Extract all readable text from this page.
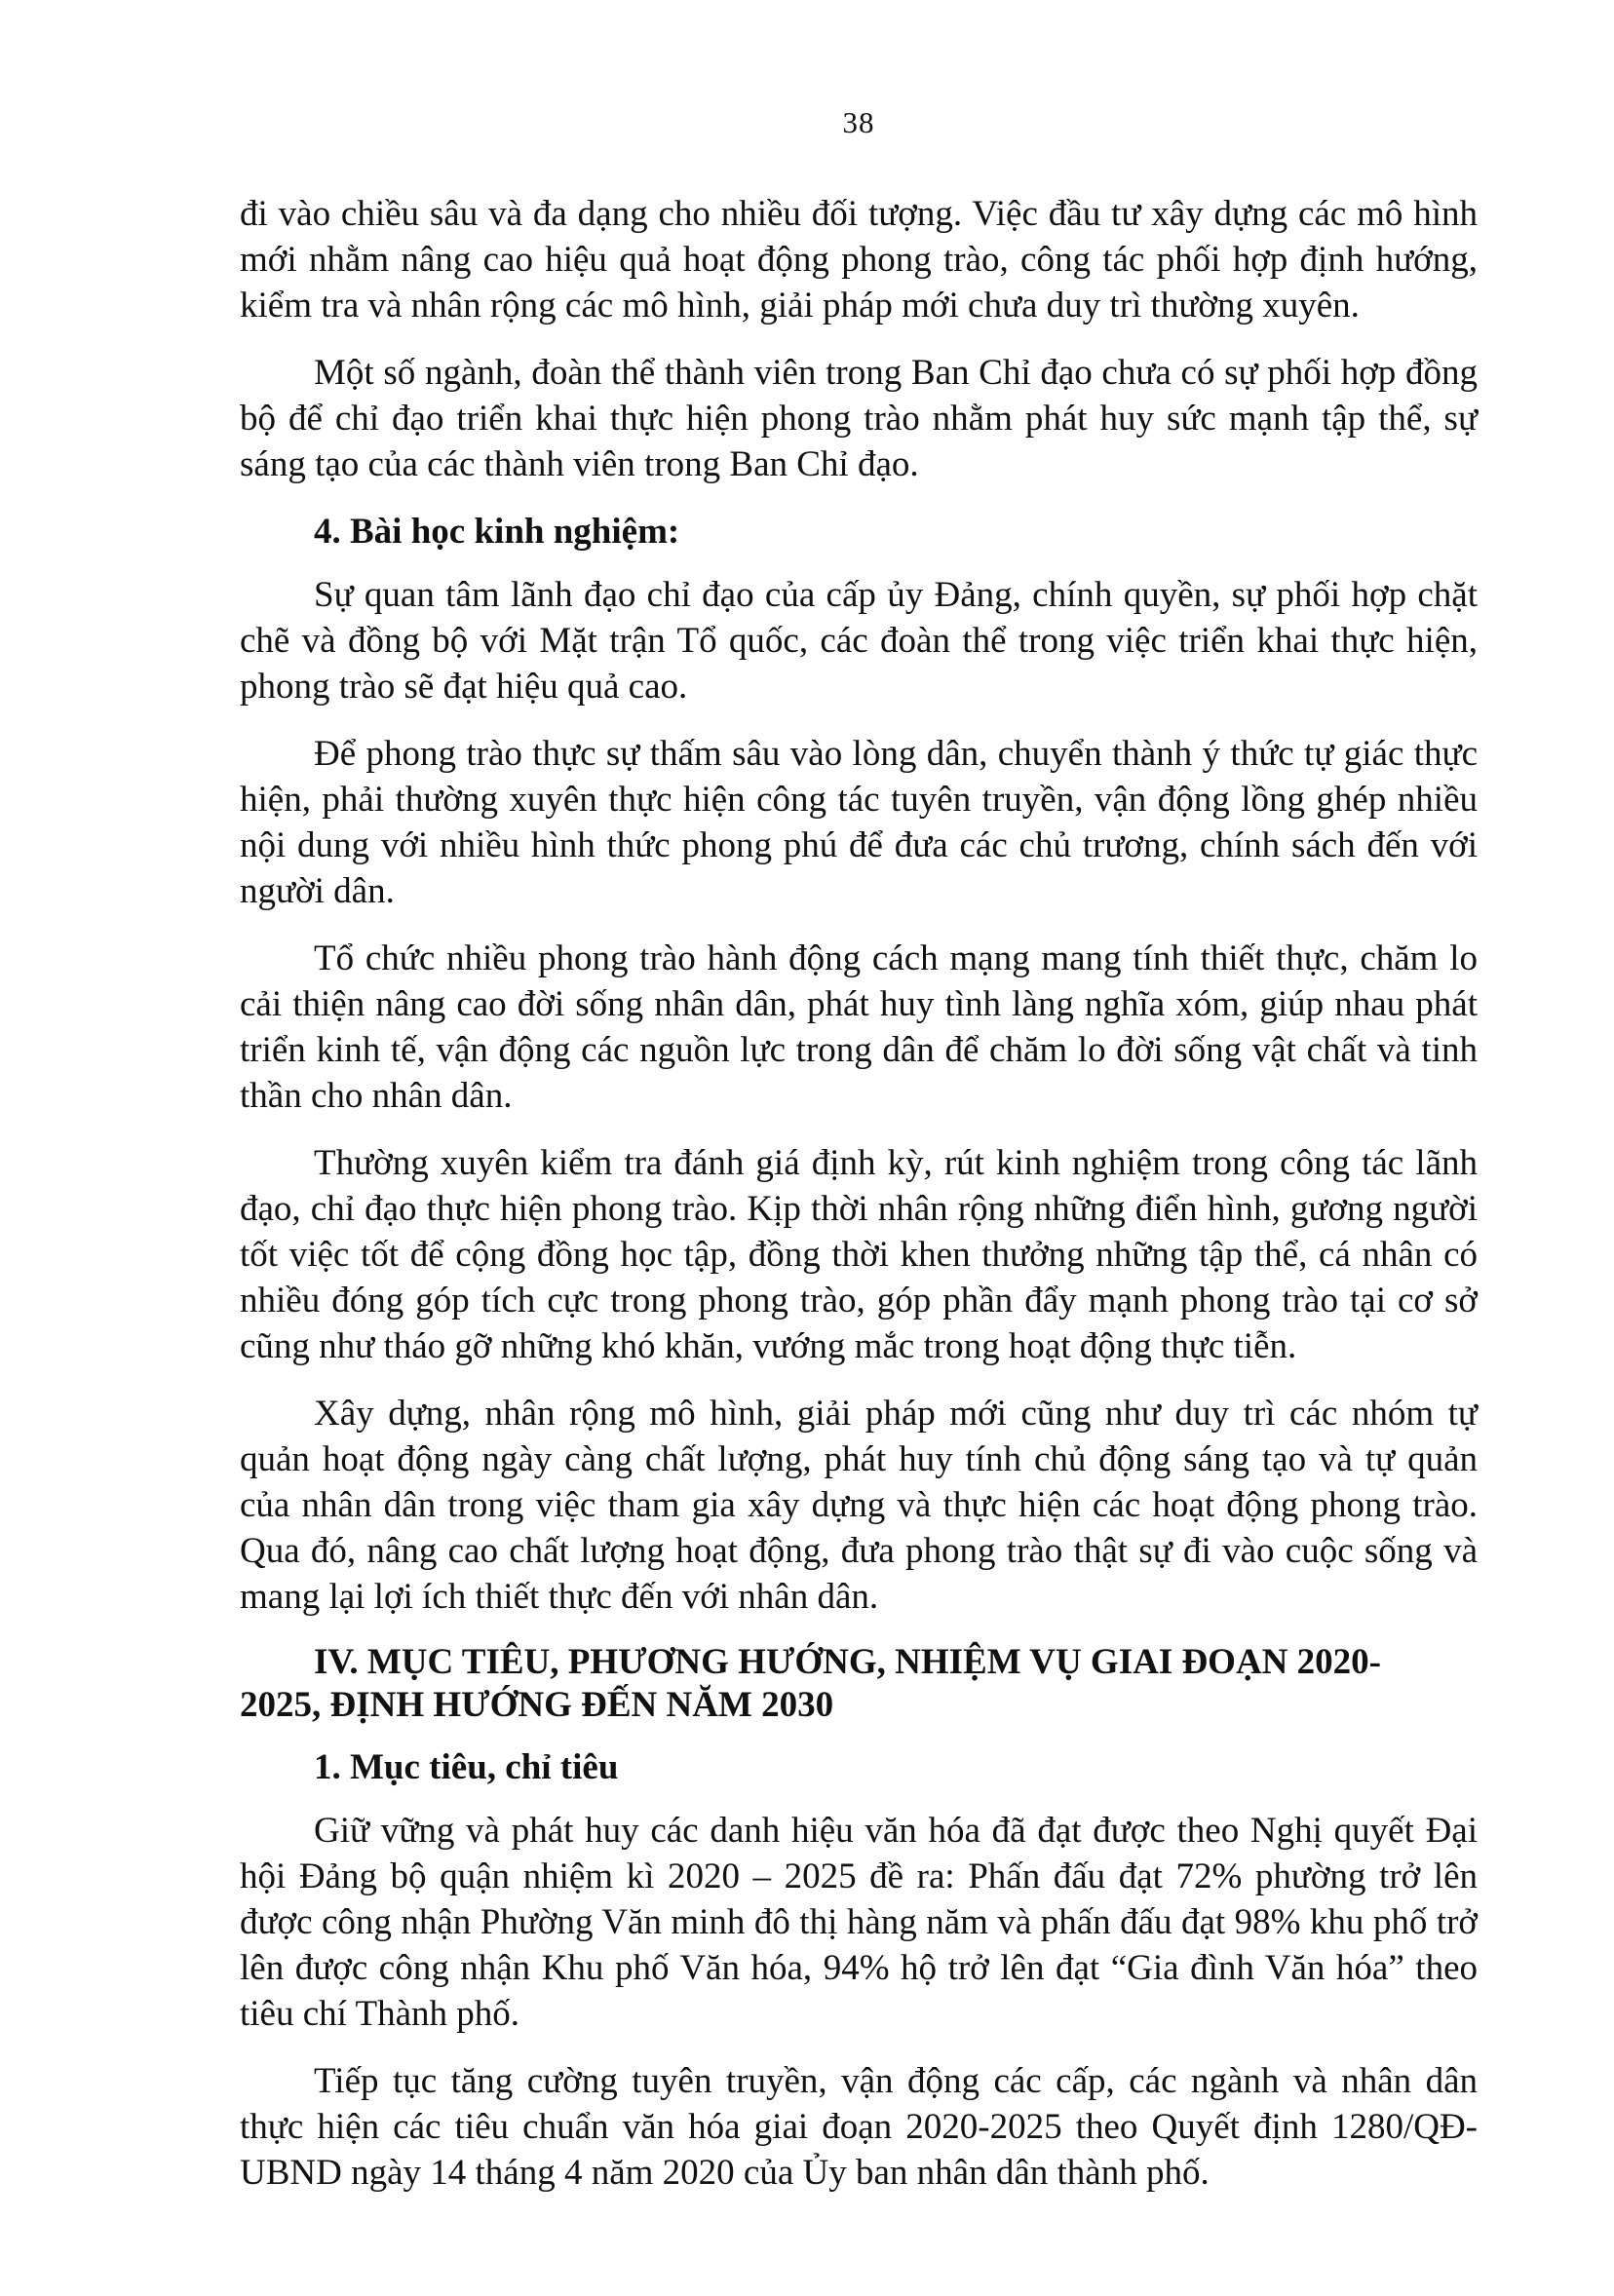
38

đi vào chiều sâu và đa dạng cho nhiều đối tượng. Việc đầu tư xây dựng các mô hình mới nhằm nâng cao hiệu quả hoạt động phong trào, công tác phối hợp định hướng, kiểm tra và nhân rộng các mô hình, giải pháp mới chưa duy trì thường xuyên.

Một số ngành, đoàn thể thành viên trong Ban Chỉ đạo chưa có sự phối hợp đồng bộ để chỉ đạo triển khai thực hiện phong trào nhằm phát huy sức mạnh tập thể, sự sáng tạo của các thành viên trong Ban Chỉ đạo.

4. Bài học kinh nghiệm:

Sự quan tâm lãnh đạo chỉ đạo của cấp ủy Đảng, chính quyền, sự phối hợp chặt chẽ và đồng bộ với Mặt trận Tổ quốc, các đoàn thể trong việc triển khai thực hiện, phong trào sẽ đạt hiệu quả cao.

Để phong trào thực sự thấm sâu vào lòng dân, chuyển thành ý thức tự giác thực hiện, phải thường xuyên thực hiện công tác tuyên truyền, vận động lồng ghép nhiều nội dung với nhiều hình thức phong phú để đưa các chủ trương, chính sách đến với người dân.

Tổ chức nhiều phong trào hành động cách mạng mang tính thiết thực, chăm lo cải thiện nâng cao đời sống nhân dân, phát huy tình làng nghĩa xóm, giúp nhau phát triển kinh tế, vận động các nguồn lực trong dân để chăm lo đời sống vật chất và tinh thần cho nhân dân.

Thường xuyên kiểm tra đánh giá định kỳ, rút kinh nghiệm trong công tác lãnh đạo, chỉ đạo thực hiện phong trào. Kịp thời nhân rộng những điển hình, gương người tốt việc tốt để cộng đồng học tập, đồng thời khen thưởng những tập thể, cá nhân có nhiều đóng góp tích cực trong phong trào, góp phần đẩy mạnh phong trào tại cơ sở cũng như tháo gỡ những khó khăn, vướng mắc trong hoạt động thực tiễn.

Xây dựng, nhân rộng mô hình, giải pháp mới cũng như duy trì các nhóm tự quản hoạt động ngày càng chất lượng, phát huy tính chủ động sáng tạo và tự quản của nhân dân trong việc tham gia xây dựng và thực hiện các hoạt động phong trào. Qua đó, nâng cao chất lượng hoạt động, đưa phong trào thật sự đi vào cuộc sống và mang lại lợi ích thiết thực đến với nhân dân.

IV. MỤC TIÊU, PHƯƠNG HƯỚNG, NHIỆM VỤ GIAI ĐOẠN 2020-
2025, ĐỊNH HƯỚNG ĐẾN NĂM 2030
1. Mục tiêu, chỉ tiêu

Giữ vững và phát huy các danh hiệu văn hóa đã đạt được theo Nghị quyết Đại hội Đảng bộ quận nhiệm kì 2020 – 2025 đề ra: Phấn đấu đạt 72% phường trở lên được công nhận Phường Văn minh đô thị hàng năm và phấn đấu đạt 98% khu phố trở lên được công nhận Khu phố Văn hóa, 94% hộ trở lên đạt “Gia đình Văn hóa” theo tiêu chí Thành phố.

Tiếp tục tăng cường tuyên truyền, vận động các cấp, các ngành và nhân dân thực hiện các tiêu chuẩn văn hóa giai đoạn 2020-2025 theo Quyết định 1280/QĐ-UBND ngày 14 tháng 4 năm 2020 của Ủy ban nhân dân thành phố.
